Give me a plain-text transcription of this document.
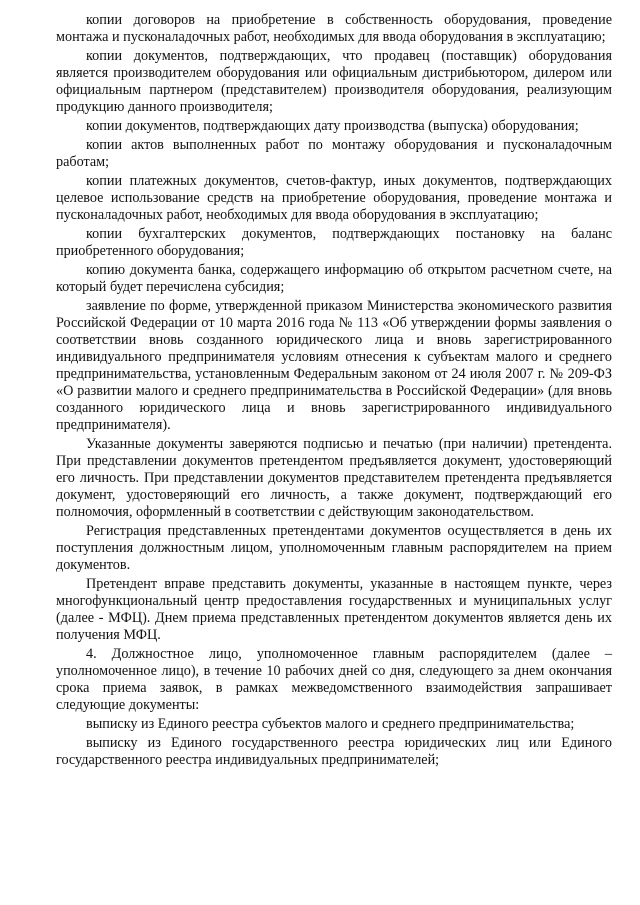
копии договоров на приобретение в собственность оборудования, проведение монтажа и пусконаладочных работ, необходимых для ввода оборудования в эксплуатацию;

копии документов, подтверждающих, что продавец (поставщик) оборудования является производителем оборудования или официальным дистрибьютором, дилером или официальным партнером (представителем) производителя оборудования, реализующим продукцию данного производителя;

копии документов, подтверждающих дату производства (выпуска) оборудования;

копии актов выполненных работ по монтажу оборудования и пусконаладочным работам;

копии платежных документов, счетов-фактур, иных документов, подтверждающих целевое использование средств на приобретение оборудования, проведение монтажа и пусконаладочных работ, необходимых для ввода оборудования в эксплуатацию;

копии бухгалтерских документов, подтверждающих постановку на баланс приобретенного оборудования;

копию документа банка, содержащего информацию об открытом расчетном счете, на который будет перечислена субсидия;

заявление по форме, утвержденной приказом Министерства экономического развития Российской Федерации от 10 марта 2016 года № 113 «Об утверждении формы заявления о соответствии вновь созданного юридического лица и вновь зарегистрированного индивидуального предпринимателя условиям отнесения к субъектам малого и среднего предпринимательства, установленным Федеральным законом от 24 июля 2007 г. № 209-ФЗ «О развитии малого и среднего предпринимательства в Российской Федерации» (для вновь созданного юридического лица и вновь зарегистрированного индивидуального предпринимателя).

Указанные документы заверяются подписью и печатью (при наличии) претендента. При представлении документов претендентом предъявляется документ, удостоверяющий его личность. При представлении документов представителем претендента предъявляется документ, удостоверяющий его личность, а также документ, подтверждающий его полномочия, оформленный в соответствии с действующим законодательством.

Регистрация представленных претендентами документов осуществляется в день их поступления должностным лицом, уполномоченным главным распорядителем на прием документов.

Претендент вправе представить документы, указанные в настоящем пункте, через многофункциональный центр предоставления государственных и муниципальных услуг (далее - МФЦ). Днем приема представленных претендентом документов является день их получения МФЦ.

4. Должностное лицо, уполномоченное главным распорядителем (далее – уполномоченное лицо), в течение 10 рабочих дней со дня, следующего за днем окончания срока приема заявок, в рамках межведомственного взаимодействия запрашивает следующие документы:

выписку из Единого реестра субъектов малого и среднего предпринимательства;

выписку из Единого государственного реестра юридических лиц или Единого государственного реестра индивидуальных предпринимателей;
